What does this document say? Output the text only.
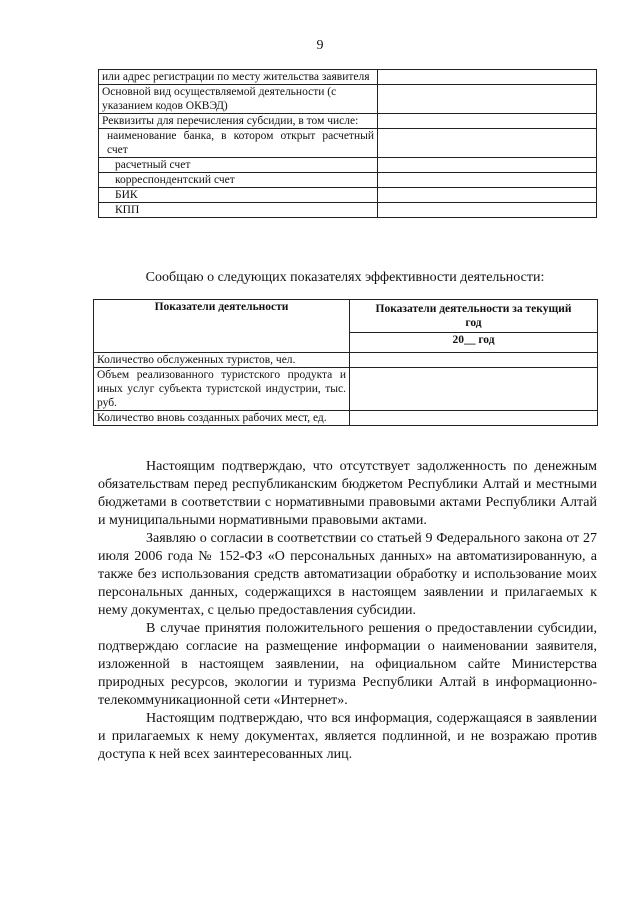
9
или адрес регистрации по месту жительства заявителя	
Основной вид осуществляемой деятельности (с указанием кодов ОКВЭД)	
Реквизиты для перечисления субсидии, в том числе:	
наименование банка, в котором открыт расчетный счет	
расчетный счет	
корреспондентский счет	
БИК	
КПП	
Сообщаю о следующих показателях эффективности деятельности:
Показатели деятельности	Показатели деятельности за текущий год
	20__ год
Количество обслуженных туристов, чел.	
Объем реализованного туристского продукта и иных услуг субъекта туристской индустрии, тыс. руб.	
Количество вновь созданных рабочих мест, ед.	

Настоящим подтверждаю, что отсутствует задолженность по денежным обязательствам перед республиканским бюджетом Республики Алтай и местными бюджетами в соответствии с нормативными правовыми актами Республики Алтай и муниципальными нормативными правовыми актами.

Заявляю о согласии в соответствии со статьей 9 Федерального закона от 27 июля 2006 года № 152-ФЗ «О персональных данных» на автоматизированную, а также без использования средств автоматизации обработку и использование моих персональных данных, содержащихся в настоящем заявлении и прилагаемых к нему документах, с целью предоставления субсидии.

В случае принятия положительного решения о предоставлении субсидии, подтверждаю согласие на размещение информации о наименовании заявителя, изложенной в настоящем заявлении, на официальном сайте Министерства природных ресурсов, экологии и туризма Республики Алтай в информационно-телекоммуникационной сети «Интернет».

Настоящим подтверждаю, что вся информация, содержащаяся в заявлении и прилагаемых к нему документах, является подлинной, и не возражаю против доступа к ней всех заинтересованных лиц.
